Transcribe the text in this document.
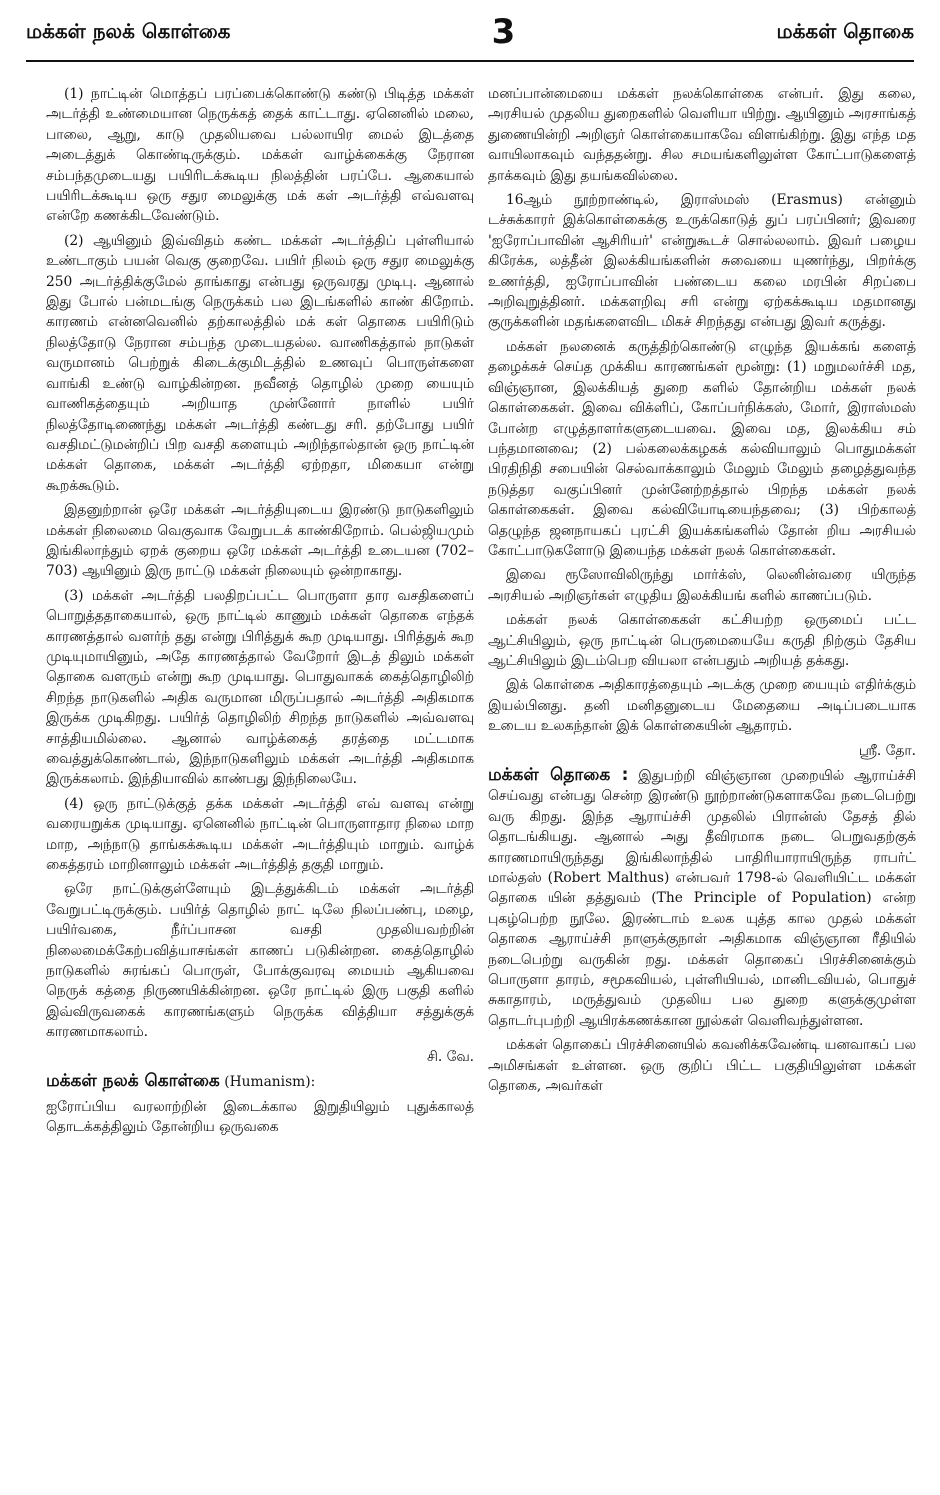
மக்கள் நலக் கொள்கை	3	மக்கள் தொகை

(1) நாட்டின் மொத்தப் பரப்பைக்கொண்டு கண்டு பிடித்த மக்கள் அடர்த்தி உண்மையான நெருக்கத் தைக் காட்டாது. ஏனெனில் மலை, பாலை, ஆறு, காடு முதலியவை பல்லாயிர மைல் இடத்தை அடைத்துக் கொண்டிருக்கும். மக்கள் வாழ்க்கைக்கு நேரான சம்பந்தமுடையது பயிரிடக்கூடிய நிலத்தின் பரப்பே. ஆகையால் பயிரிடக்கூடிய ஒரு சதுர மைலுக்கு மக் கள் அடர்த்தி எவ்வளவு என்றே கணக்கிடவேண்டும்.

(2) ஆயினும் இவ்விதம் கண்ட மக்கள் அடர்த்திப் புள்ளியால் உண்டாகும் பயன் வெகு குறைவே. பயிர் நிலம் ஒரு சதுர மைலுக்கு 250 அடர்த்திக்குமேல் தாங்காது என்பது ஒருவரது முடிபு. ஆனால் இது போல் பன்மடங்கு நெருக்கம் பல இடங்களில் காண் கிறோம். காரணம் என்னவெனில் தற்காலத்தில் மக் கள் தொகை பயிரிடும் நிலத்தோடு நேரான சம்பந்த முடையதல்ல. வாணிகத்தால் நாடுகள் வருமானம் பெற்றுக் கிடைக்குமிடத்தில் உணவுப் பொருள்களை வாங்கி உண்டு வாழ்கின்றன. நவீனத் தொழில் முறை யையும் வாணிகத்தையும் அறியாத முன்னோர் நாளில் பயிர் நிலத்தோடிணைந்து மக்கள் அடர்த்தி கண்டது சரி. தற்போது பயிர் வசதிமட்டுமன்றிப் பிற வசதி களையும் அறிந்தால்தான் ஒரு நாட்டின் மக்கள் தொகை, மக்கள் அடர்த்தி ஏற்றதா, மிகையா என்று கூறக்கூடும்.

இதனுற்றான் ஒரே மக்கள் அடர்த்தியுடைய இரண்டு நாடுகளிலும் மக்கள் நிலைமை வெகுவாக வேறுபடக் காண்கிறோம். பெல்ஜியமும் இங்கிலாந்தும் ஏறக் குறைய ஒரே மக்கள் அடர்த்தி உடையன (702–703) ஆயினும் இரு நாட்டு மக்கள் நிலையும் ஒன்றாகாது.

(3) மக்கள் அடர்த்தி பலதிறப்பட்ட பொருளா தார வசதிகளைப் பொறுத்ததாகையால், ஒரு நாட்டில் காணும் மக்கள் தொகை எந்தக் காரணத்தால் வளர்ந் தது என்று பிரித்துக் கூற முடியாது. பிரித்துக் கூற முடியுமாயினும், அதே காரணத்தால் வேறோர் இடத் திலும் மக்கள் தொகை வளரும் என்று கூற முடியாது. பொதுவாகக் கைத்தொழிலிற் சிறந்த நாடுகளில் அதிக வருமான மிருப்பதால் அடர்த்தி அதிகமாக இருக்க முடிகிறது. பயிர்த் தொழிலிற் சிறந்த நாடுகளில் அவ்வளவு சாத்தியமில்லை. ஆனால் வாழ்க்கைத் தரத்தை மட்டமாக வைத்துக்கொண்டால், இந்நாடுகளிலும் மக்கள் அடர்த்தி அதிகமாக இருக்கலாம். இந்தியாவில் காண்பது இந்நிலையே.

(4) ஒரு நாட்டுக்குத் தக்க மக்கள் அடர்த்தி எவ் வளவு என்று வரையறுக்க முடியாது. ஏனெனில் நாட்டின் பொருளாதார நிலை மாற மாற, அந்நாடு தாங்கக்கூடிய மக்கள் அடர்த்தியும் மாறும். வாழ்க் கைத்தரம் மாறினாலும் மக்கள் அடர்த்தித் தகுதி மாறும்.

ஒரே நாட்டுக்குள்ளேயும் இடத்துக்கிடம் மக்கள் அடர்த்தி வேறுபட்டிருக்கும். பயிர்த் தொழில் நாட் டிலே நிலப்பண்பு, மழை, பயிர்வகை, நீர்ப்பாசன வசதி முதலியவற்றின் நிலைமைக்கேற்பவித்யாசங்கள் காணப் படுகின்றன. கைத்தொழில் நாடுகளில் சுரங்கப் பொருள், போக்குவரவு மையம் ஆகியவை நெருக் கத்தை நிருணயிக்கின்றன. ஒரே நாட்டில் இரு பகுதி களில் இவ்விருவகைக் காரணங்களும் நெருக்க வித்தியா சத்துக்குக் காரணமாகலாம்.

சி. வே.

மக்கள் நலக் கொள்கை (Humanism):

ஐரோப்பிய வரலாற்றின் இடைக்கால இறுதியிலும் புதுக்காலத் தொடக்கத்திலும் தோன்றிய ஒருவகை

மனப்பான்மையை மக்கள் நலக்கொள்கை என்பர். இது கலை, அரசியல் முதலிய துறைகளில் வெளியா யிற்று. ஆயினும் அரசாங்கத் துணையின்றி அறிஞர் கொள்கையாகவே விளங்கிற்று. இது எந்த மத வாயிலாகவும் வந்ததன்று. சில சமயங்களிலுள்ள கோட்பாடுகளைத் தாக்கவும் இது தயங்கவில்லை.

16ஆம் நூற்றாண்டில், இராஸ்மஸ் (Erasmus) என்னும் டச்சுக்காரர் இக்கொள்கைக்கு உருக்கொடுத் துப் பரப்பினர்; இவரை 'ஐரோப்பாவின் ஆசிரியர்' என்றுகூடச் சொல்லலாம். இவர் பழைய கிரேக்க, லத்தீன் இலக்கியங்களின் சுவையை யுணர்ந்து, பிறர்க்கு உணர்த்தி, ஐரோப்பாவின் பண்டைய கலை மரபின் சிறப்பை அறிவுறுத்தினர். மக்களறிவு சரி என்று ஏற்கக்கூடிய மதமானது குருக்களின் மதங்களைவிட மிகச் சிறந்தது என்பது இவர் கருத்து.

மக்கள் நலனைக் கருத்திற்கொண்டு எழுந்த இயக்கங் களைத் தழைக்கச் செய்த முக்கிய காரணங்கள் மூன்று: (1) மறுமலர்ச்சி மத, விஞ்ஞான, இலக்கியத் துறை களில் தோன்றிய மக்கள் நலக் கொள்கைகள். இவை விக்ளிப், கோப்பர்நிக்கஸ், மோர், இராஸ்மஸ் போன்ற எழுத்தாளர்களுடையவை. இவை மத, இலக்கிய சம் பந்தமானவை; (2) பல்கலைக்கழகக் கல்வியாலும் பொதுமக்கள் பிரதிநிதி சபையின் செல்வாக்காலும் மேலும் மேலும் தழைத்துவந்த நடுத்தர வகுப்பினர் முன்னேற்றத்தால் பிறந்த மக்கள் நலக் கொள்கைகள். இவை கல்வியோடியைந்தவை; (3) பிற்காலத் தெழுந்த ஜனநாயகப் புரட்சி இயக்கங்களில் தோன் றிய அரசியல் கோட்பாடுகளோடு இயைந்த மக்கள் நலக் கொள்கைகள்.

இவை ரூஸோவிலிருந்து மார்க்ஸ், லெனின்வரை யிருந்த அரசியல் அறிஞர்கள் எழுதிய இலக்கியங் களில் காணப்படும்.

மக்கள் நலக் கொள்கைகள் கட்சியற்ற ஒருமைப் பட்ட ஆட்சியிலும், ஒரு நாட்டின் பெருமையையே கருதி நிற்கும் தேசிய ஆட்சியிலும் இடம்பெற வியலா என்பதும் அறியத் தக்கது.

இக் கொள்கை அதிகாரத்தையும் அடக்கு முறை யையும் எதிர்க்கும் இயல்பினது. தனி மனிதனுடைய மேதையை அடிப்படையாக உடைய உலகந்தான் இக் கொள்கையின் ஆதாரம்.

ஸ்ரீ. தோ.

மக்கள் தொகை : இதுபற்றி விஞ்ஞான முறையில் ஆராய்ச்சி செய்வது என்பது சென்ற இரண்டு நூற்றாண்டுகளாகவே நடைபெற்று வரு கிறது. இந்த ஆராய்ச்சி முதலில் பிரான்ஸ் தேசத் தில் தொடங்கியது. ஆனால் அது தீவிரமாக நடை பெறுவதற்குக் காரணமாயிருந்தது இங்கிலாந்தில் பாதிரியாராயிருந்த ராபர்ட் மால்தஸ் (Robert Malthus) என்பவர் 1798-ல் வெளியிட்ட மக்கள் தொகை யின் தத்துவம் (The Principle of Population) என்ற புகழ்பெற்ற நூலே. இரண்டாம் உலக யுத்த கால முதல் மக்கள் தொகை ஆராய்ச்சி நாளுக்குநாள் அதிகமாக விஞ்ஞான ரீதியில் நடைபெற்று வருகின் றது. மக்கள் தொகைப் பிரச்சினைக்கும் பொருளா தாரம், சமூகவியல், புள்ளியியல், மானிடவியல், பொதுச் சுகாதாரம், மருத்துவம் முதலிய பல துறை களுக்குமுள்ள தொடர்புபற்றி ஆயிரக்கணக்கான நூல்கள் வெளிவந்துள்ளன.

மக்கள் தொகைப் பிரச்சினையில் கவனிக்கவேண்டி யனவாகப் பல அமிசங்கள் உள்ளன. ஒரு குறிப் பிட்ட பகுதியிலுள்ள மக்கள் தொகை, அவர்கள்
